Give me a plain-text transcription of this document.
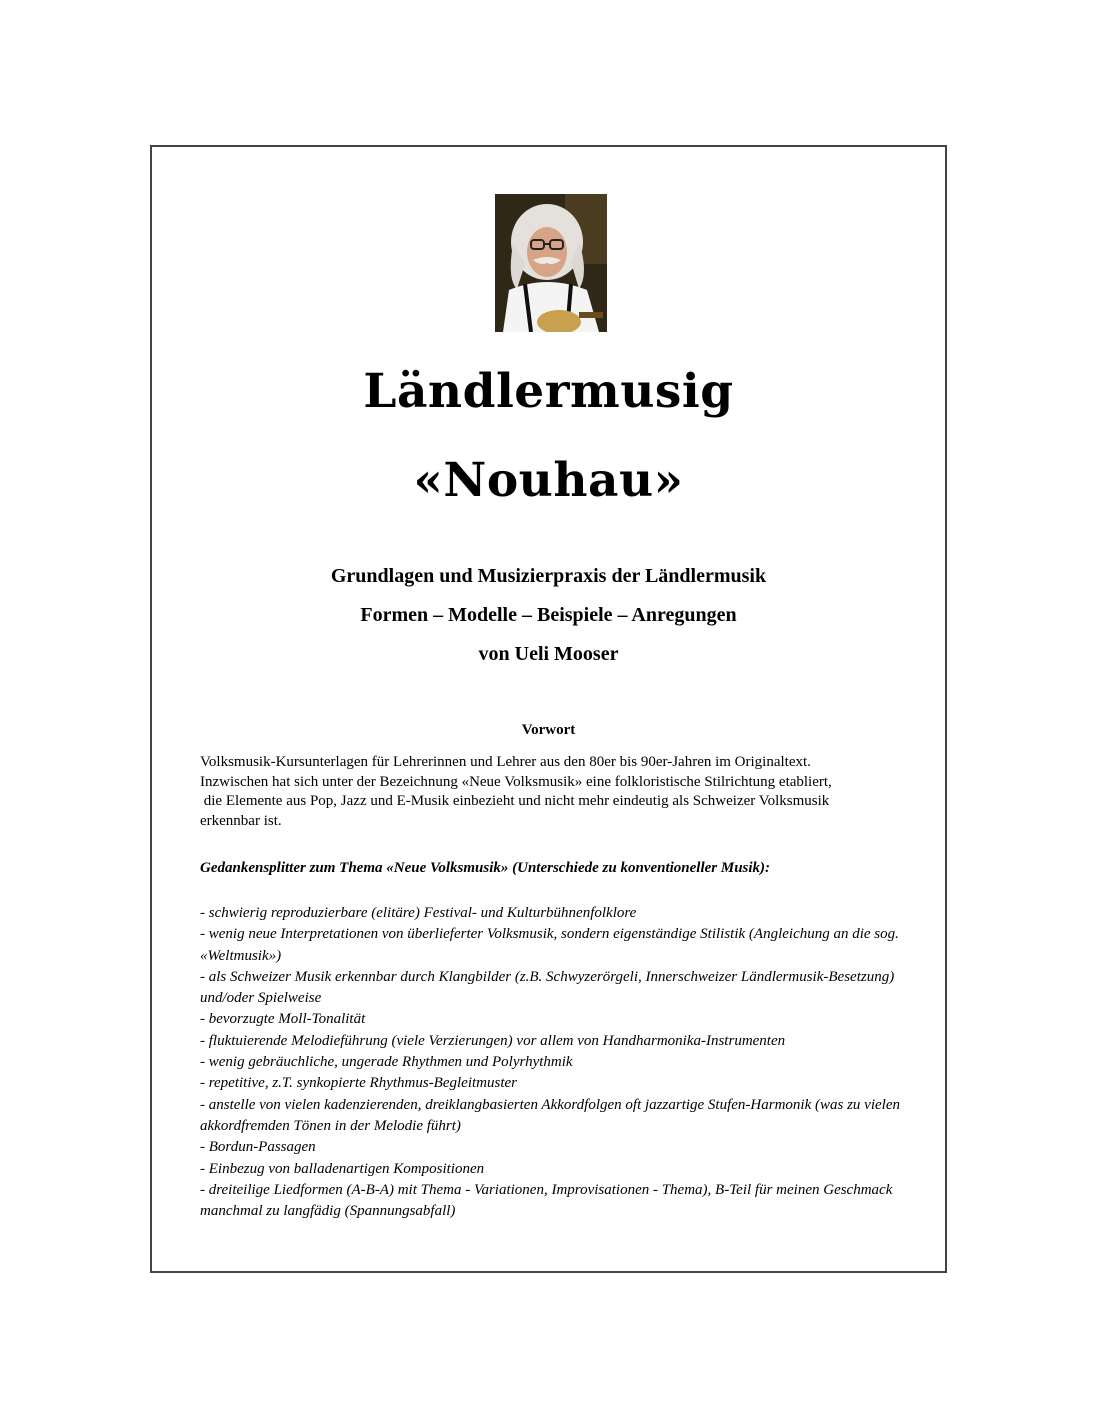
Ländlermusig
«Nouhau»

Grundlagen und Musizierpraxis der Ländlermusik

Formen – Modelle – Beispiele – Anregungen

von Ueli Mooser

Vorwort

Volksmusik-Kursunterlagen für Lehrerinnen und Lehrer aus den 80er bis 90er-Jahren im Originaltext.
Inzwischen hat sich unter der Bezeichnung «Neue Volksmusik» eine folkloristische Stilrichtung etabliert,
die Elemente aus Pop, Jazz und E-Musik einbezieht und nicht mehr eindeutig als Schweizer Volksmusik
erkennbar ist.

Gedankensplitter zum Thema «Neue Volksmusik» (Unterschiede zu konventioneller Musik):

- schwierig reproduzierbare (elitäre) Festival- und Kulturbühnenfolklore
- wenig neue Interpretationen von überlieferter Volksmusik, sondern eigenständige Stilistik (Angleichung an die sog. «Weltmusik»)
- als Schweizer Musik erkennbar durch Klangbilder (z.B. Schwyzerörgeli, Innerschweizer Ländlermusik-Besetzung) und/oder Spielweise
- bevorzugte Moll-Tonalität
- fluktuierende Melodieführung (viele Verzierungen) vor allem von Handharmonika-Instrumenten
- wenig gebräuchliche, ungerade Rhythmen und Polyrhythmik
- repetitive, z.T. synkopierte Rhythmus-Begleitmuster
- anstelle von vielen kadenzierenden, dreiklangbasierten Akkordfolgen oft jazzartige Stufen-Harmonik (was zu vielen akkordfremden Tönen in der Melodie führt)
- Bordun-Passagen
- Einbezug von balladenartigen Kompositionen
- dreiteilige Liedformen (A-B-A) mit Thema - Variationen, Improvisationen - Thema), B-Teil für meinen Geschmack manchmal zu langfädig (Spannungsabfall)
